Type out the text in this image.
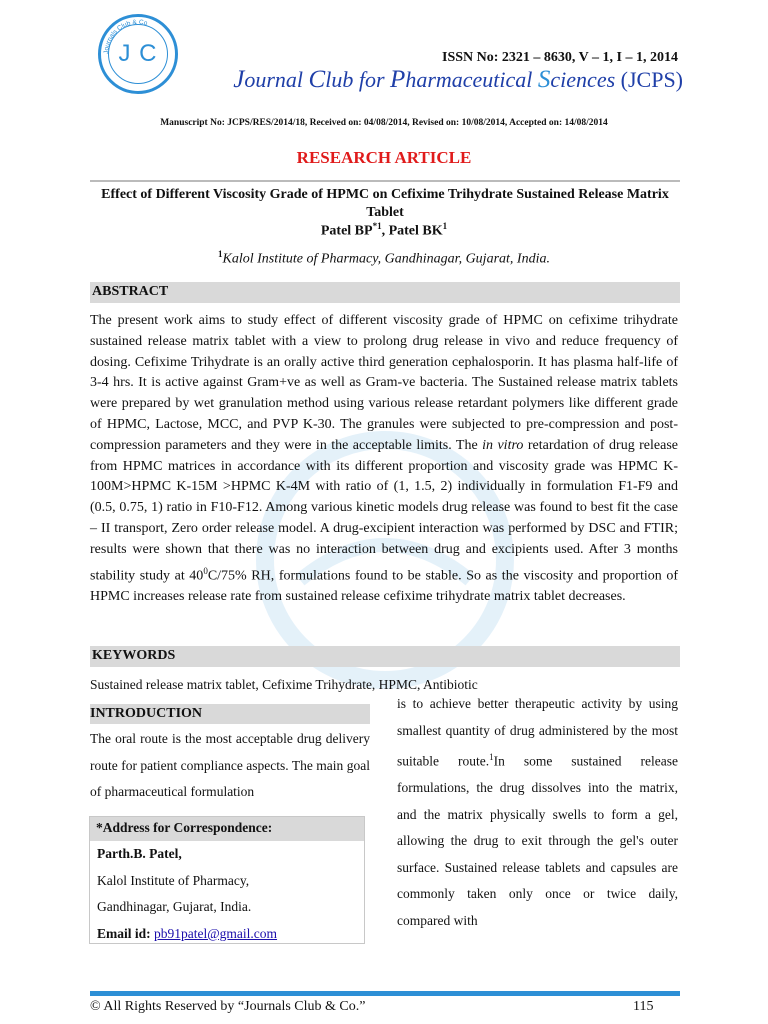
Journals Club & Co
J C	ISSN No: 2321 – 8630, V – 1, I – 1, 2014
Journal Club for Pharmaceutical Sciences (JCPS)
Manuscript No: JCPS/RES/2014/18, Received on: 04/08/2014, Revised on: 10/08/2014, Accepted on: 14/08/2014
RESEARCH ARTICLE
Effect of Different Viscosity Grade of HPMC on Cefixime Trihydrate Sustained Release Matrix Tablet
Patel BP$^{*1}$, Patel $BK^1$
$^1$Kalol Institute of Pharmacy, Gandhinagar, Gujarat, India.
ABSTRACT
The present work aims to study effect of different viscosity grade of HPMC on cefixime trihydrate sustained release matrix tablet with a view to prolong drug release in vivo and reduce frequency of dosing. Cefixime Trihydrate is an orally active third generation cephalosporin. It has plasma half-life of 3-4 hrs. It is active against Gram+ve as well as Gram-ve bacteria. The Sustained release matrix tablets were prepared by wet granulation method using various release retardant polymers like different grade of HPMC, Lactose, MCC, and PVP K-30. The granules were subjected to pre-compression and post-compression parameters and they were in the acceptable limits. The in vitro retardation of drug release from HPMC matrices in accordance with its different proportion and viscosity grade was HPMC K-100M>HPMC K-15M >HPMC K-4M with ratio of (1, 1.5, 2) individually in formulation F1-F9 and (0.5, 0.75, 1) ratio in F10-F12. Among various kinetic models drug release was found to best fit the case – II transport, Zero order release model. A drug-excipient interaction was performed by DSC and FTIR; results were shown that there was no interaction between drug and excipients used. After 3 months stability study at $40^0C/75\%$ RH, formulations found to be stable. So as the viscosity and proportion of HPMC increases release rate from sustained release cefixime trihydrate matrix tablet decreases.
KEYWORDS
Sustained release matrix tablet, Cefixime Trihydrate, HPMC, Antibiotic
INTRODUCTION
The oral route is the most acceptable drug delivery route for patient compliance aspects. The main goal of pharmaceutical formulation
is to achieve better therapeutic activity by using smallest quantity of drug administered by the most suitable route.$^1$In some sustained release formulations, the drug dissolves into the matrix, and the matrix physically swells to form a gel, allowing the drug to exit through the gel's outer surface. Sustained release tablets and capsules are commonly taken only once or twice daily, compared with
*Address for Correspondence:
Parth.B. Patel,
Kalol Institute of Pharmacy,
Gandhinagar, Gujarat, India.
Email id: pb91patel@gmail.com
© All Rights Reserved by “Journals Club & Co.”	115
